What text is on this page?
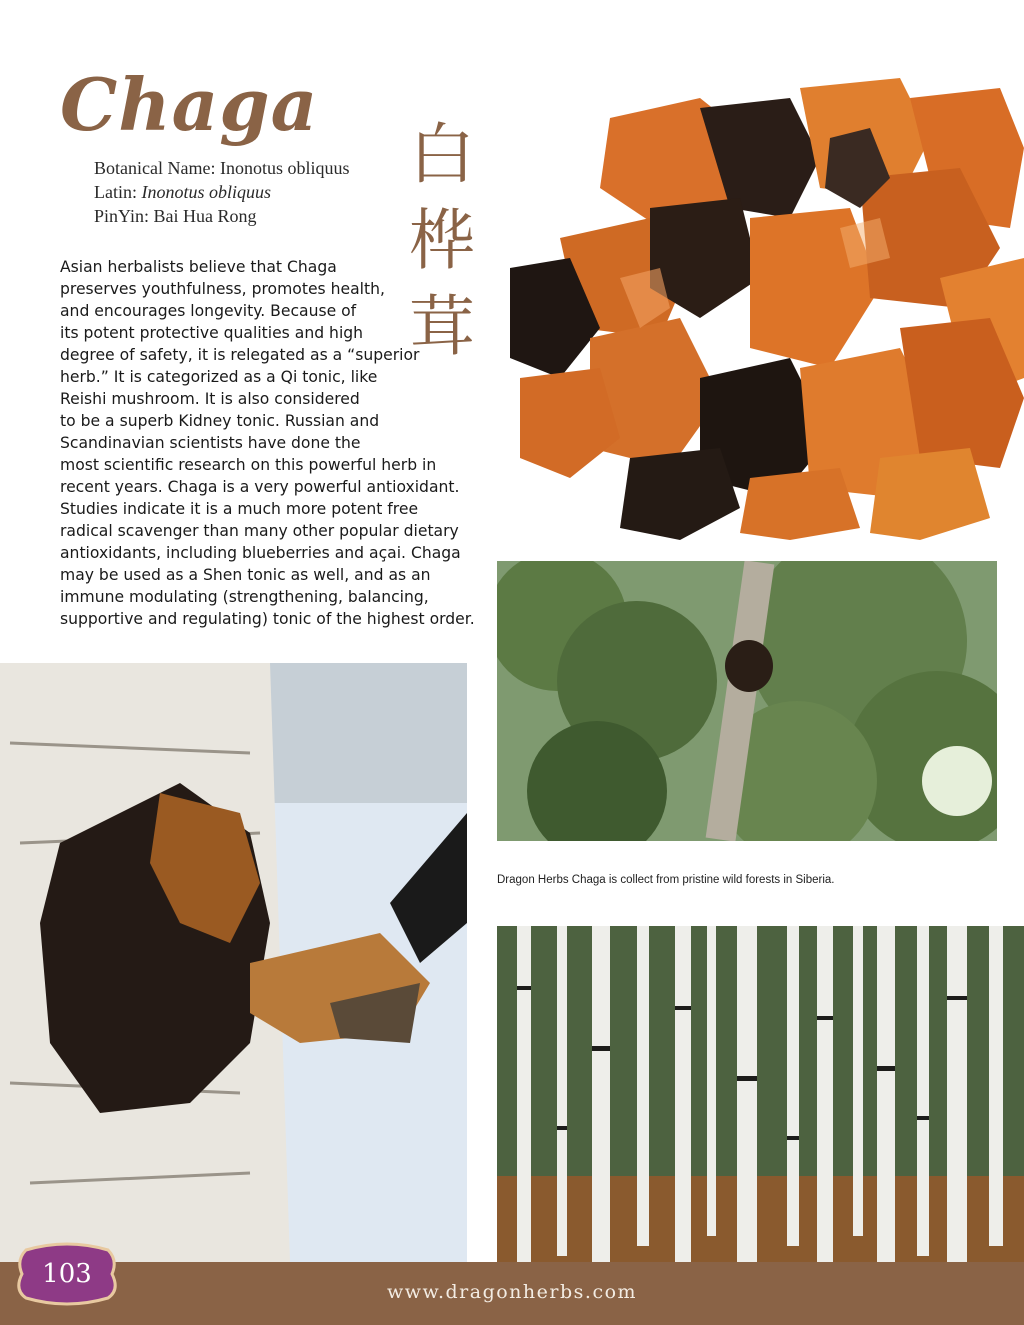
Chaga
Botanical Name: Inonotus obliquus
Latin: Inonotus obliquus
PinYin: Bai Hua Rong
白
桦
茸
Asian herbalists believe that Chaga
preserves youthfulness, promotes health,
and encourages longevity. Because of
its potent protective qualities and high
degree of safety, it is relegated as a “superior
herb.” It is categorized as a Qi tonic, like
Reishi mushroom. It is also considered
to be a superb Kidney tonic. Russian and
Scandinavian scientists have done the
most scientific research on this powerful herb in
recent years. Chaga is a very powerful antioxidant.
Studies indicate it is a much more potent free
radical scavenger than many other popular dietary
antioxidants, including blueberries and açai. Chaga
may be used as a Shen tonic as well, and as an
immune modulating (strengthening, balancing,
supportive and regulating) tonic of the highest order.
Dragon Herbs Chaga is collect from pristine wild forests in Siberia.
www.dragonherbs.com
103
